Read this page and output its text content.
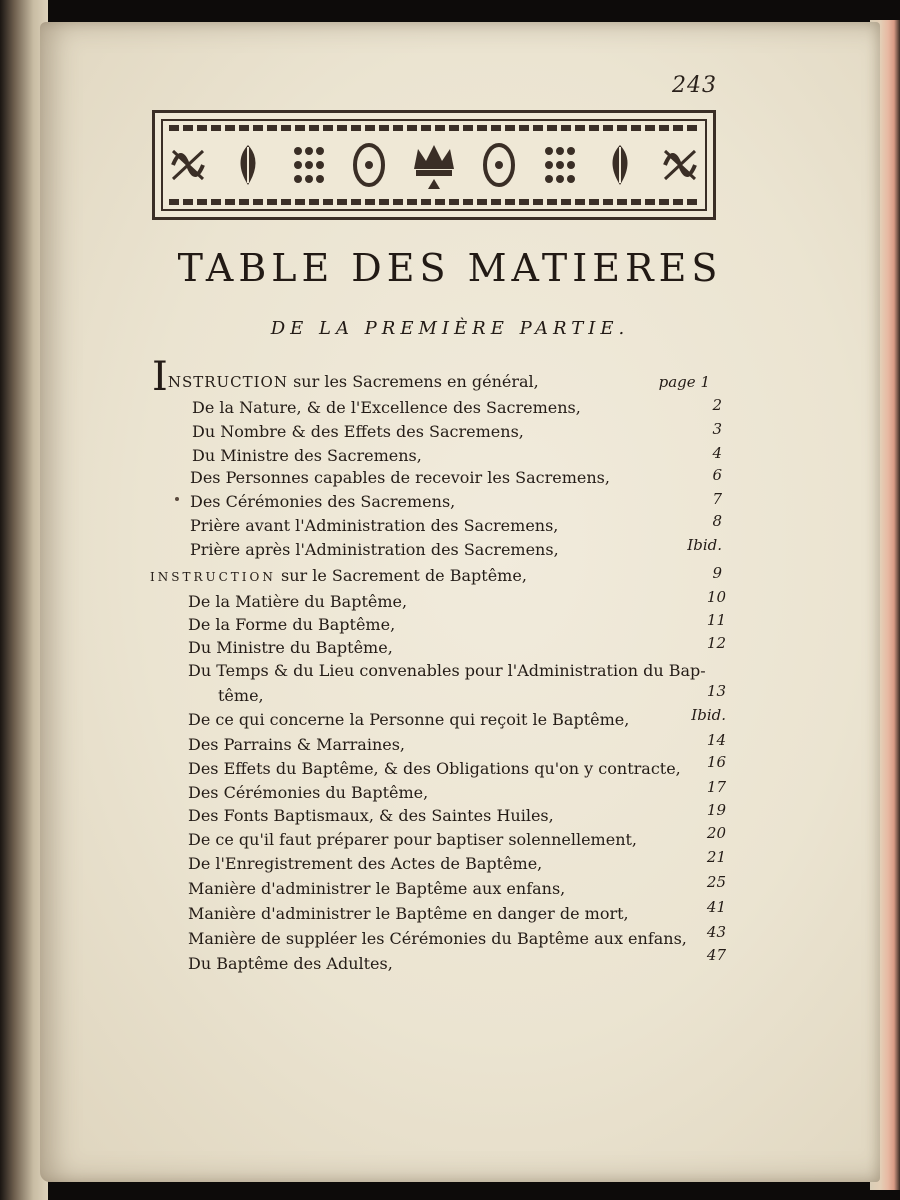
243
TABLE DES MATIERES
DE LA PREMIÈRE PARTIE.
INSTRUCTION sur les Sacremens en général,	page 1
De la Nature, & de l'Excellence des Sacremens,	2
Du Nombre & des Effets des Sacremens,	3
Du Ministre des Sacremens,	4
Des Personnes capables de recevoir les Sacremens,	6
Des Cérémonies des Sacremens,	7
Prière avant l'Administration des Sacremens,	8
Prière après l'Administration des Sacremens,	Ibid.
INSTRUCTION sur le Sacrement de Baptême,	9
De la Matière du Baptême,	10
De la Forme du Baptême,	11
Du Ministre du Baptême,	12
Du Temps & du Lieu convenables pour l'Administration du Bap-
tême,	13
De ce qui concerne la Personne qui reçoit le Baptême,	Ibid.
Des Parrains & Marraines,	14
Des Effets du Baptême, & des Obligations qu'on y contracte,	16
Des Cérémonies du Baptême,	17
Des Fonts Baptismaux, & des Saintes Huiles,	19
De ce qu'il faut préparer pour baptiser solennellement,	20
De l'Enregistrement des Actes de Baptême,	21
Manière d'administrer le Baptême aux enfans,	25
Manière d'administrer le Baptême en danger de mort,	41
Manière de suppléer les Cérémonies du Baptême aux enfans,	43
Du Baptême des Adultes,	47
